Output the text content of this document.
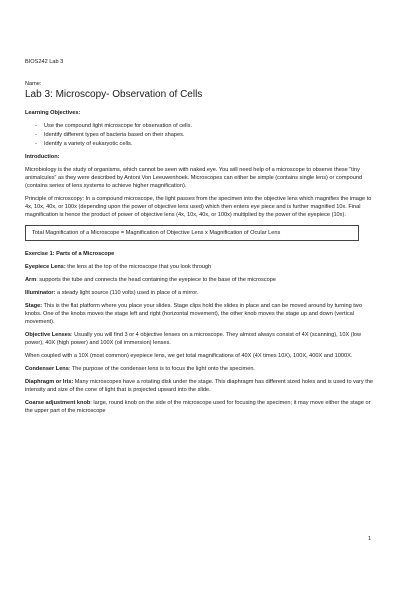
BIOS242 Lab 3
Name:
Lab 3: Microscopy- Observation of Cells
Learning Objectives:
- Use the compound light microscope for observation of cells.
- Identify different types of bacteria based on their shapes.
- Identify a variety of eukaryotic cells.
Introduction:

Microbiology is the study of organisms, which cannot be seen with naked eye. You will need help of a microscope to observe these “tiny animalcules” as they were described by Antoni Von Leeuwenhoek. Microscopes can either be simple (contains single lens) or compound (contains series of lens systems to achieve higher magnification).

Principle of microscopy: In a compound microscope, the light passes from the specimen into the objective lens which magnifies the image to 4x, 10x, 40x, or 100x (depending upon the power of objective lens used) which then enters eye piece and is further magnified 10x. Final magnification is hence the product of power of objective lens (4x, 10x, 40x, or 100x) multiplied by the power of the eyepiece (10x).

Total Magnification of a Microscope = Magnification of Objective Lens x Magnification of Ocular Lens
Exercise 1: Parts of a Microscope

Eyepiece Lens: the lens at the top of the microscope that you look through

Arm: supports the tube and connects the head containing the eyepiece to the base of the microscope

Illuminator: a steady light source (110 volts) used in place of a mirror.

Stage: This is the flat platform where you place your slides. Stage clips hold the slides in place and can be moved around by turning two knobs. One of the knobs moves the stage left and right (horizontal movement), the other knob moves the stage up and down (vertical movement).

Objective Lenses: Usually you will find 3 or 4 objective lenses on a microscope. They almost always consist of 4X (scanning), 10X (low power), 40X (high power) and 100X (oil immersion) lenses.

When coupled with a 10X (most common) eyepiece lens, we get total magnifications of 40X (4X times 10X), 100X, 400X and 1000X.

Condenser Lens: The purpose of the condenser lens is to focus the light onto the specimen.

Diaphragm or Iris: Many microscopes have a rotating disk under the stage. This diaphragm has different sized holes and is used to vary the intensity and size of the cone of light that is projected upward into the slide.

Coarse adjustment knob: large, round knob on the side of the microscope used for focusing the specimen; it may move either the stage or the upper part of the microscope

1
